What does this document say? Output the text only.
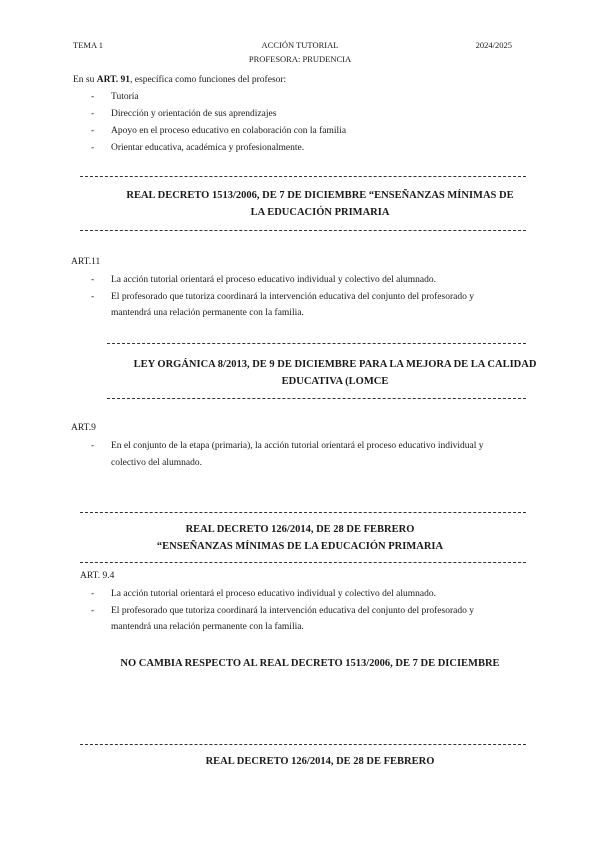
TEMA 1	ACCIÓN TUTORIAL	2024/2025
PROFESORA: PRUDENCIA
En su ART. 91, específica como funciones del profesor:
-	Tutoría
-	Dirección y orientación de sus aprendizajes
-	Apoyo en el proceso educativo en colaboración con la familia
-	Orientar educativa, académica y profesionalmente.
REAL DECRETO 1513/2006, DE 7 DE DICIEMBRE “ENSEÑANZAS MÍNIMAS DE
LA EDUCACIÓN PRIMARIA
ART.11
-	La acción tutorial orientará el proceso educativo individual y colectivo del alumnado.
-	El profesorado que tutoriza coordinará la intervención educativa del conjunto del profesorado y
mantendrá una relación permanente con la familia.
LEY ORGÁNICA 8/2013, DE 9 DE DICIEMBRE PARA LA MEJORA DE LA CALIDAD
EDUCATIVA (LOMCE
ART.9
-	En el conjunto de la etapa (primaria), la acción tutorial orientará el proceso educativo individual y
colectivo del alumnado.
REAL DECRETO 126/2014, DE 28 DE FEBRERO
“ENSEÑANZAS MÍNIMAS DE LA EDUCACIÓN PRIMARIA
ART. 9.4
-	La acción tutorial orientará el proceso educativo individual y colectivo del alumnado.
-	El profesorado que tutoriza coordinará la intervención educativa del conjunto del profesorado y
mantendrá una relación permanente con la familia.
NO CAMBIA RESPECTO AL REAL DECRETO 1513/2006, DE 7 DE DICIEMBRE
REAL DECRETO 126/2014, DE 28 DE FEBRERO
